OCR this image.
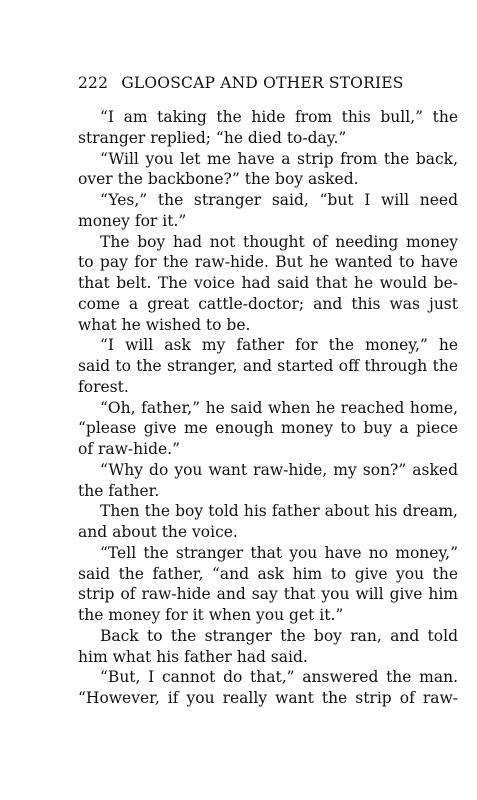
222 GLOOSCAP AND OTHER STORIES
“I am taking the hide from this bull,” the
stranger replied; “he died to-day.”
“Will you let me have a strip from the back,
over the backbone?” the boy asked.
“Yes,” the stranger said, “but I will need
money for it.”
The boy had not thought of needing money
to pay for the raw-hide. But he wanted to have
that belt. The voice had said that he would be-
come a great cattle-doctor; and this was just
what he wished to be.
“I will ask my father for the money,” he
said to the stranger, and started off through the
forest.
“Oh, father,” he said when he reached home,
“please give me enough money to buy a piece
of raw-hide.”
“Why do you want raw-hide, my son?” asked
the father.
Then the boy told his father about his dream,
and about the voice.
“Tell the stranger that you have no money,”
said the father, “and ask him to give you the
strip of raw-hide and say that you will give him
the money for it when you get it.”
Back to the stranger the boy ran, and told
him what his father had said.
“But, I cannot do that,” answered the man.
“However, if you really want the strip of raw-
